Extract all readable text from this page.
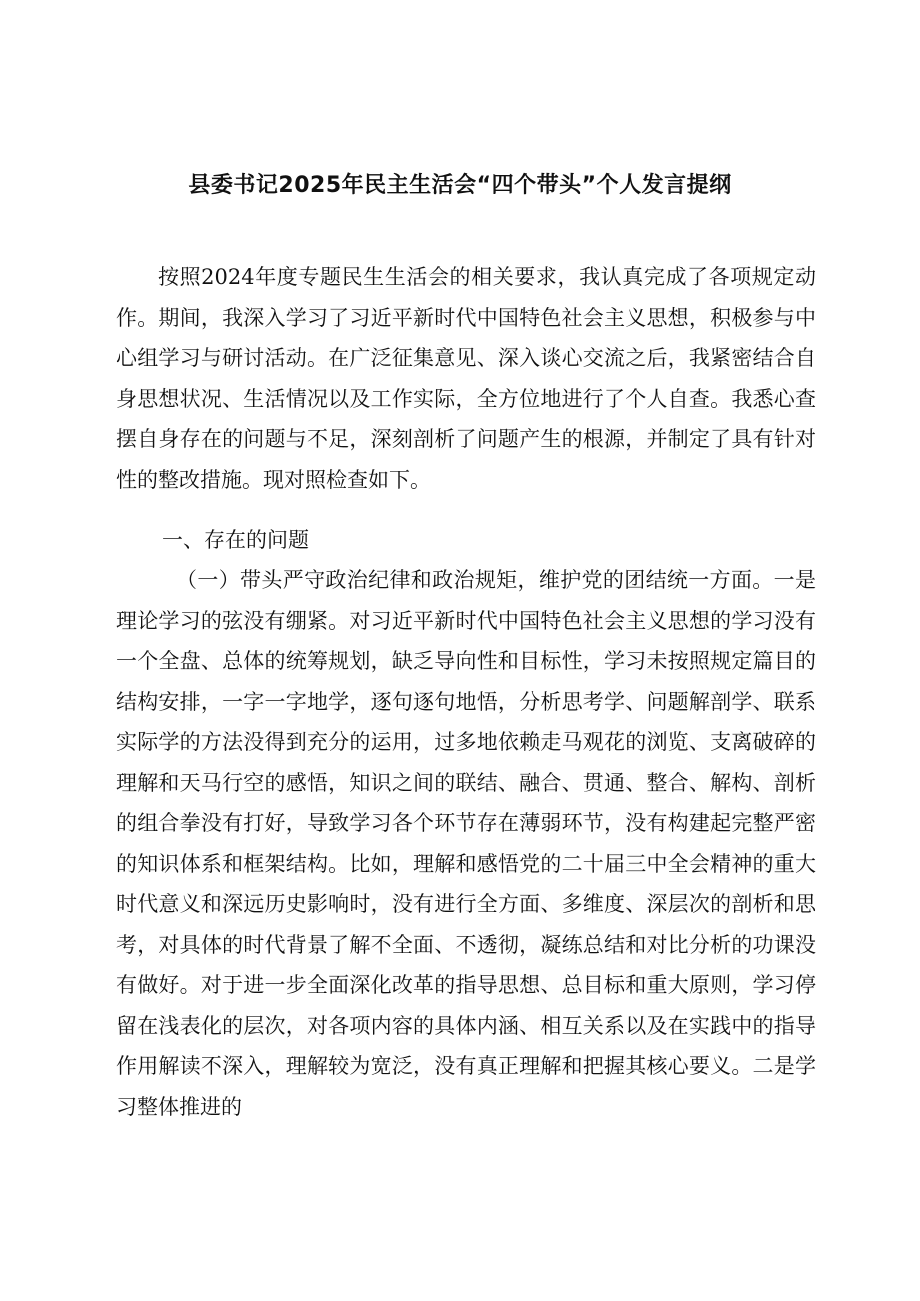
县委书记2025年民主生活会“四个带头”个人发言提纲

按照2024年度专题民生生活会的相关要求，我认真完成了各项规定动作。期间，我深入学习了习近平新时代中国特色社会主义思想，积极参与中心组学习与研讨活动。在广泛征集意见、深入谈心交流之后，我紧密结合自身思想状况、生活情况以及工作实际，全方位地进行了个人自查。我悉心查摆自身存在的问题与不足，深刻剖析了问题产生的根源，并制定了具有针对性的整改措施。现对照检查如下。

一、存在的问题

（一）带头严守政治纪律和政治规矩，维护党的团结统一方面。一是理论学习的弦没有绷紧。对习近平新时代中国特色社会主义思想的学习没有一个全盘、总体的统筹规划，缺乏导向性和目标性，学习未按照规定篇目的结构安排，一字一字地学，逐句逐句地悟，分析思考学、问题解剖学、联系实际学的方法没得到充分的运用，过多地依赖走马观花的浏览、支离破碎的理解和天马行空的感悟，知识之间的联结、融合、贯通、整合、解构、剖析的组合拳没有打好，导致学习各个环节存在薄弱环节，没有构建起完整严密的知识体系和框架结构。比如，理解和感悟党的二十届三中全会精神的重大时代意义和深远历史影响时，没有进行全方面、多维度、深层次的剖析和思考，对具体的时代背景了解不全面、不透彻，凝练总结和对比分析的功课没有做好。对于进一步全面深化改革的指导思想、总目标和重大原则，学习停留在浅表化的层次，对各项内容的具体内涵、相互关系以及在实践中的指导作用解读不深入，理解较为宽泛，没有真正理解和把握其核心要义。二是学习整体推进的
